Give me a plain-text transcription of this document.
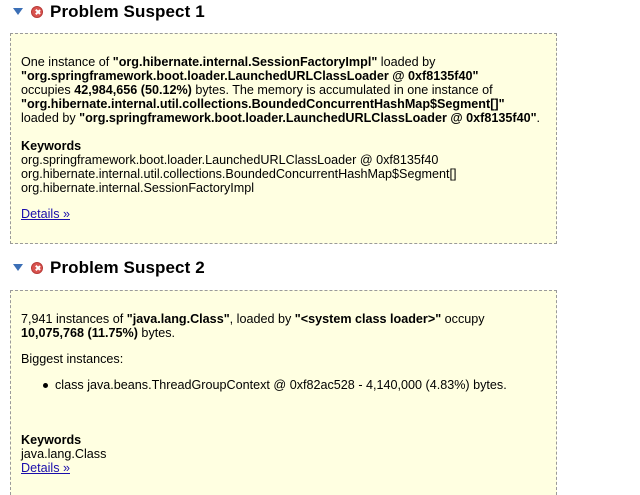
Problem Suspect 1

One instance of "org.hibernate.internal.SessionFactoryImpl" loaded by
"org.springframework.boot.loader.LaunchedURLClassLoader @ 0xf8135f40"
occupies 42,984,656 (50.12%) bytes. The memory is accumulated in one instance of
"org.hibernate.internal.util.collections.BoundedConcurrentHashMap$Segment[]"
loaded by "org.springframework.boot.loader.LaunchedURLClassLoader @ 0xf8135f40".

Keywords

org.springframework.boot.loader.LaunchedURLClassLoader @ 0xf8135f40
org.hibernate.internal.util.collections.BoundedConcurrentHashMap$Segment[]
org.hibernate.internal.SessionFactoryImpl
Details »
Problem Suspect 2

7,941 instances of "java.lang.Class", loaded by "<system class loader>" occupy
10,075,768 (11.75%) bytes.

Biggest instances:

class java.beans.ThreadGroupContext @ 0xf82ac528 - 4,140,000 (4.83%) bytes.

Keywords

java.lang.Class
Details »
